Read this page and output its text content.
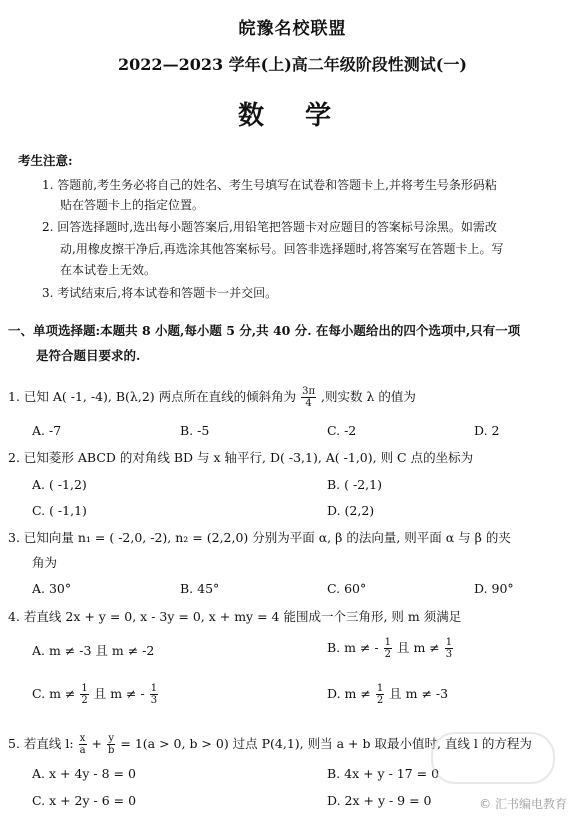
皖豫名校联盟
2022—2023 学年(上)高二年级阶段性测试(一)
数 学
考生注意:
1. 答题前,考生务必将自己的姓名、考生号填写在试卷和答题卡上,并将考生号条形码粘
贴在答题卡上的指定位置。
2. 回答选择题时,选出每小题答案后,用铅笔把答题卡对应题目的答案标号涂黑。如需改
动,用橡皮擦干净后,再选涂其他答案标号。回答非选择题时,将答案写在答题卡上。写
在本试卷上无效。
3. 考试结束后,将本试卷和答题卡一并交回。
一、单项选择题:本题共 8 小题,每小题 5 分,共 40 分. 在每小题给出的四个选项中,只有一项
是符合题目要求的.
1. 已知 A( -1, -4), B(λ,2) 两点所在直线的倾斜角为 $\frac{3\pi}{4}$ ,则实数 λ 的值为
A. -7	B. -5	C. -2	D. 2
2. 已知菱形 ABCD 的对角线 BD 与 x 轴平行, D( -3,1), A( -1,0), 则 C 点的坐标为
A. ( -1,2)	B. ( -2,1)
C. ( -1,1)	D. (2,2)
3. 已知向量 n₁ = ( -2,0, -2), n₂ = (2,2,0) 分别为平面 α, β 的法向量, 则平面 α 与 β 的夹
角为
A. 30°	B. 45°	C. 60°	D. 90°
4. 若直线 2x + y = 0, x - 3y = 0, x + my = 4 能围成一个三角形, 则 m 须满足
A. m ≠ -3 且 m ≠ -2	B. m ≠ - $\frac{1}{2}$ 且 $m \ne \frac{1}{3}$
C. $m \ne \frac{1}{2}$ 且 m ≠ - $\frac{1}{3}$	D. $m \ne \frac{1}{2}$ 且 m ≠ -3
5. 若直线 l: $\frac{x}{a} + \frac{y}{b} = 1(a > 0$, b > 0) 过点 P(4,1), 则当 a + b 取最小值时, 直线 l 的方程为
A. x + 4y - 8 = 0	B. 4x + y - 17 = 0
C. x + 2y - 6 = 0	D. 2x + y - 9 = 0	© 汇书编电教育
